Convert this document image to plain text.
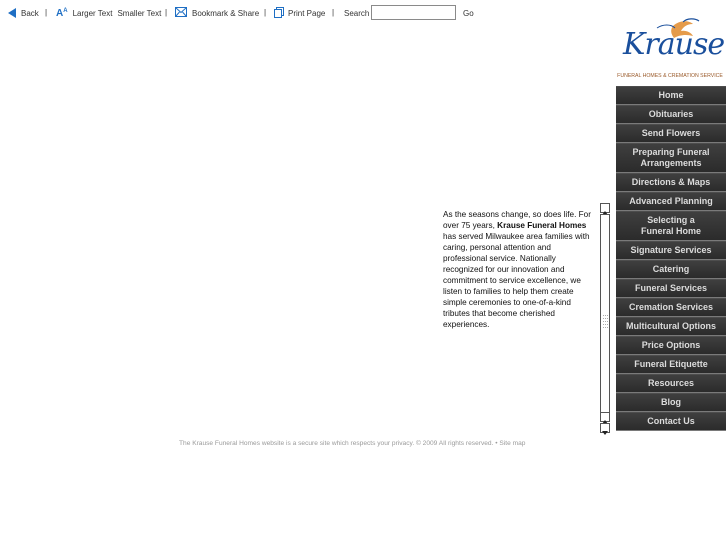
Back | $A^A$ Larger Text Smaller Text |	Bookmark & Share |	Print Page | Search	Go
Krause
FUNERAL HOMES & CREMATION SERVICE
Home
Obituaries
Send Flowers
Preparing Funeral
Arrangements
Directions & Maps
Advanced Planning
Selecting a
Funeral Home
Signature Services
Catering
Funeral Services
Cremation Services
Multicultural Options
Price Options
Funeral Etiquette
Resources
Blog
Contact Us
As the seasons change, so does life. For over 75 years, Krause Funeral Homes has served Milwaukee area families with caring, personal attention and professional service. Nationally recognized for our innovation and commitment to service excellence, we listen to families to help them create simple ceremonies to one-of-a-kind tributes that become cherished experiences.
The Krause Funeral Homes website is a secure site which respects your privacy. © 2009 All rights reserved. • Site map
